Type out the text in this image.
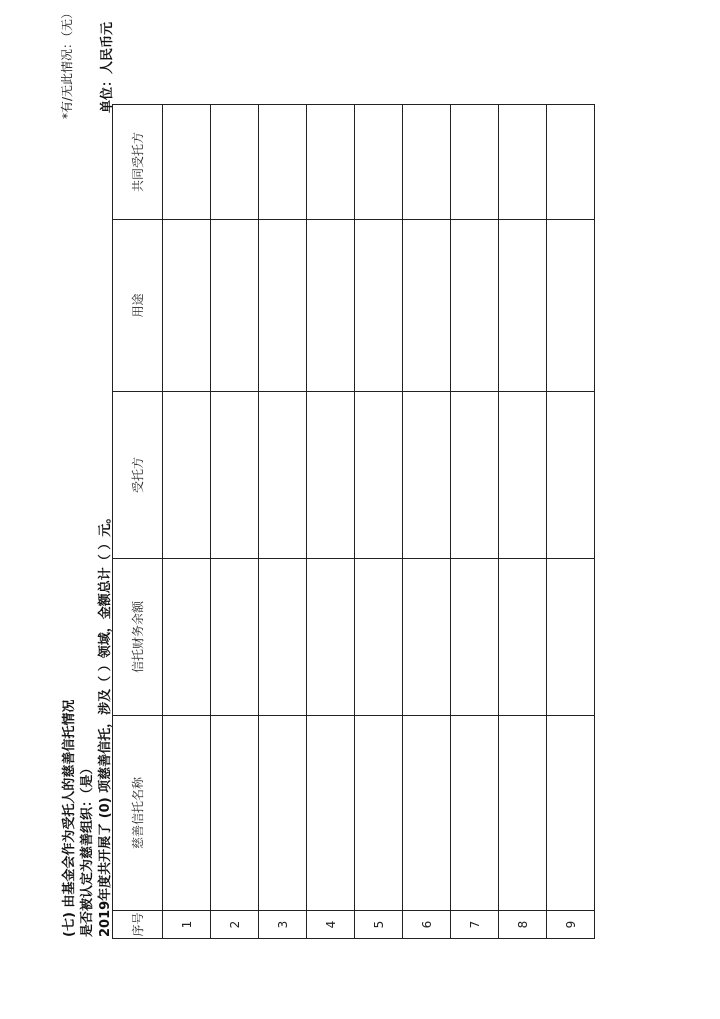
(七) 由基金会作为受托人的慈善信托情况 是否被认定为慈善组织：（是） 2019年度共开展了 (0) 项慈善信托，涉及（ ）领域，金额总计（ ）元。
*有/无此情况：（无）	单位：人民币元
序号	慈善信托名称	信托财务余额	受托方	用途	共同受托方
1					
2					
3					
4					
5					
6					
7					
8					
9					
